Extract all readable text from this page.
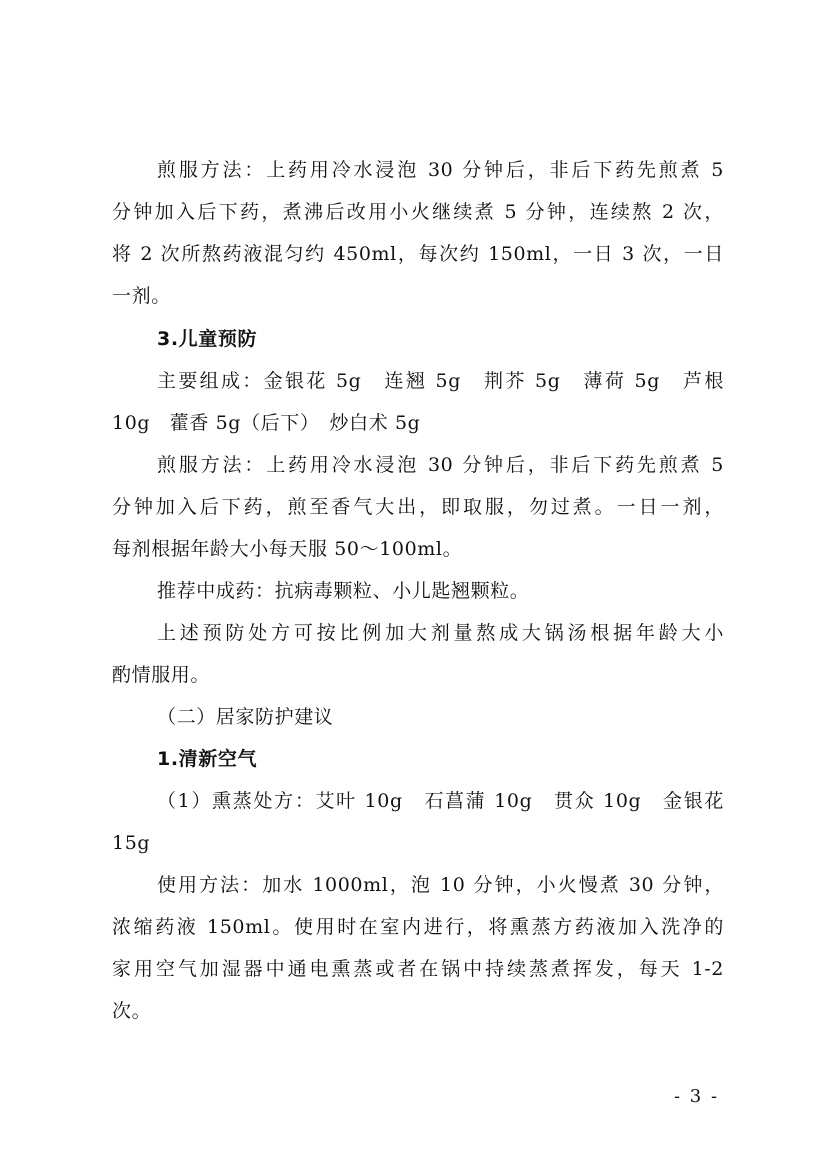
煎服方法：上药用冷水浸泡 30 分钟后，非后下药先煎煮 5
分钟加入后下药，煮沸后改用小火继续煮 5 分钟，连续熬 2 次，
将 2 次所熬药液混匀约 450ml，每次约 150ml，一日 3 次，一日
一剂。
3.儿童预防
主要组成：金银花 5g　连翘 5g　荆芥 5g　薄荷 5g　芦根
10g　藿香 5g（后下）　炒白术 5g
煎服方法：上药用冷水浸泡 30 分钟后，非后下药先煎煮 5
分钟加入后下药，煎至香气大出，即取服，勿过煮。一日一剂，
每剂根据年龄大小每天服 50～100ml。
推荐中成药：抗病毒颗粒、小儿匙翘颗粒。
上述预防处方可按比例加大剂量熬成大锅汤根据年龄大小
酌情服用。
（二）居家防护建议
1.清新空气
（1）熏蒸处方：艾叶 10g　石菖蒲 10g　贯众 10g　金银花
15g
使用方法：加水 1000ml，泡 10 分钟，小火慢煮 30 分钟，
浓缩药液 150ml。使用时在室内进行，将熏蒸方药液加入洗净的
家用空气加湿器中通电熏蒸或者在锅中持续蒸煮挥发，每天 1-2
次。
- 3 -
